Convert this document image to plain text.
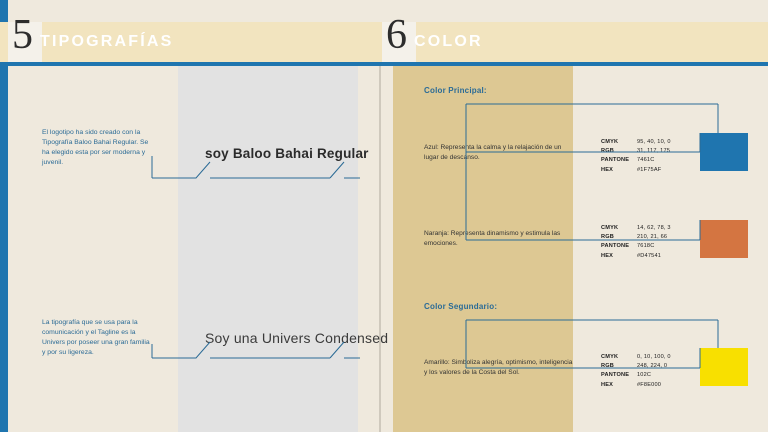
5 TIPOGRAFÍAS	6 COLOR
El logotipo ha sido creado con la Tipografía Baloo Bahai Regular. Se ha elegido esta por ser moderna y juvenil.
La tipografía que se usa para la comunicación y el Tagline es la Univers por poseer una gran familia y por su ligereza.
soy Baloo Bahai Regular
Soy una Univers Condensed
Color Principal:
Color Segundario:
Azul: Representa la calma y la relajación de un lugar de descanso.
Naranja: Representa dinamismo y estimula las emociones.
Amarillo: Simboliza alegría, optimismo, inteligencia y los valores de la Costa del Sol.
CMYK	95, 40, 10, 0
RGB	31, 117, 175
PANTONE	7461C
HEX	#1F75AF
CMYK	14, 62, 78, 3
RGB	210, 21, 66
PANTONE	7618C
HEX	#D47541
CMYK	0, 10, 100, 0
RGB	248, 224, 0
PANTONE	102C
HEX	#F8E000
